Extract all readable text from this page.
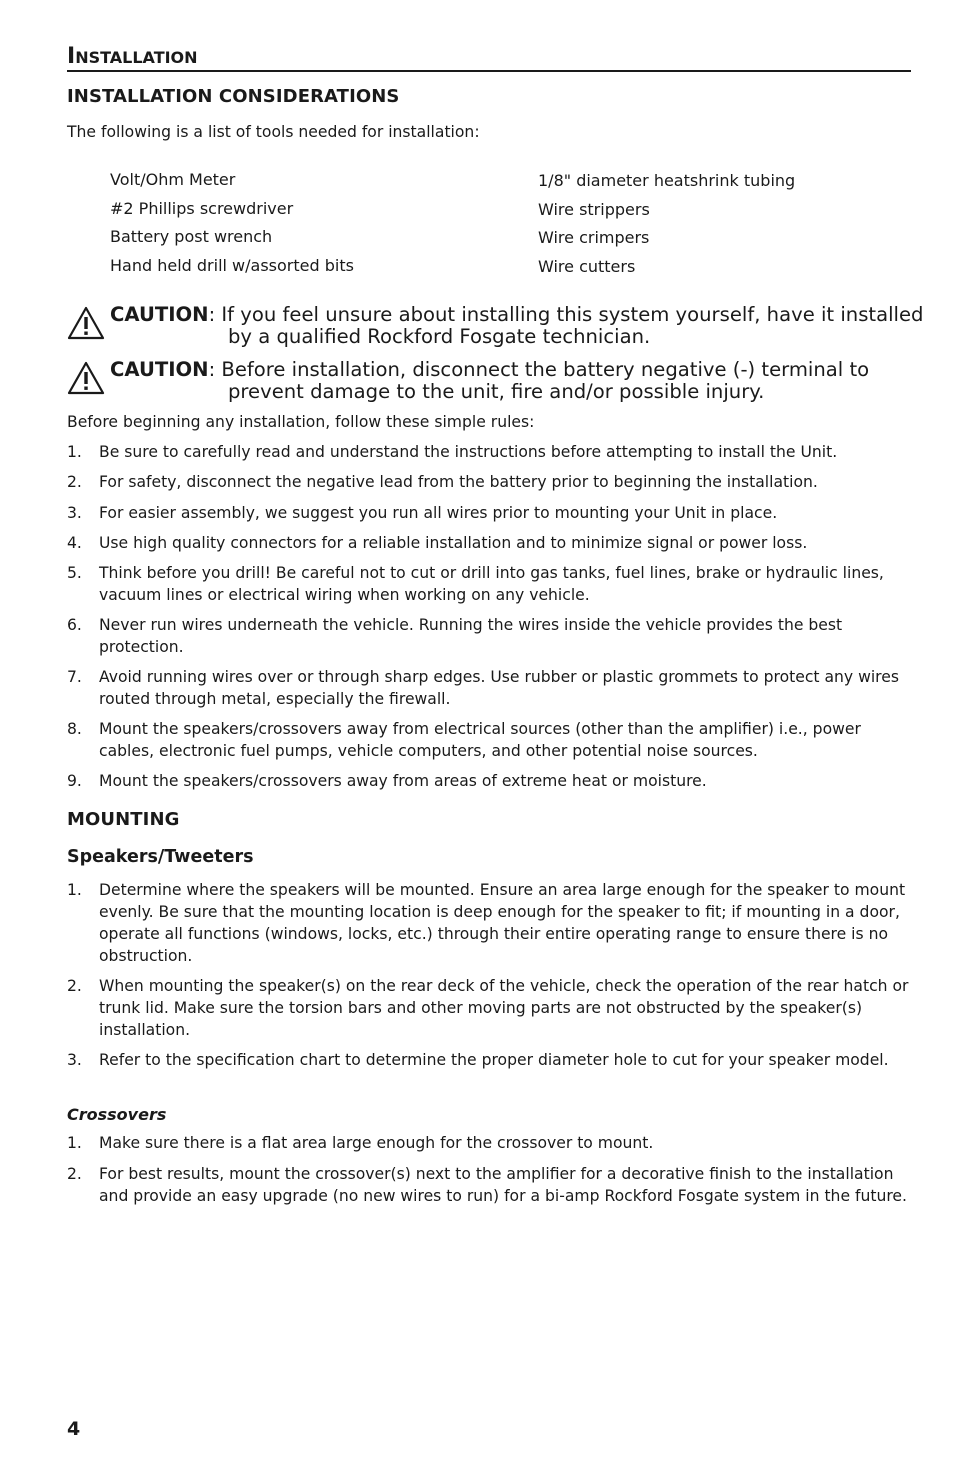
INSTALLATION
INSTALLATION CONSIDERATIONS
The following is a list of tools needed for installation:
Volt/Ohm Meter
#2 Phillips screwdriver
Battery post wrench
Hand held drill w/assorted bits
1/8" diameter heatshrink tubing
Wire strippers
Wire crimpers
Wire cutters
CAUTION: If you feel unsure about installing this system yourself, have it installed
by a qualified Rockford Fosgate technician.
CAUTION: Before installation, disconnect the battery negative (-) terminal to
prevent damage to the unit, fire and/or possible injury.
Before beginning any installation, follow these simple rules:
1.	Be sure to carefully read and understand the instructions before attempting to install the Unit.
2.	For safety, disconnect the negative lead from the battery prior to beginning the installation.
3.	For easier assembly, we suggest you run all wires prior to mounting your Unit in place.
4.	Use high quality connectors for a reliable installation and to minimize signal or power loss.
5.	Think before you drill! Be careful not to cut or drill into gas tanks, fuel lines, brake or hydraulic lines, vacuum lines or electrical wiring when working on any vehicle.
6.	Never run wires underneath the vehicle. Running the wires inside the vehicle provides the best protection.
7.	Avoid running wires over or through sharp edges. Use rubber or plastic grommets to protect any wires routed through metal, especially the firewall.
8.	Mount the speakers/crossovers away from electrical sources (other than the amplifier) i.e., power cables, electronic fuel pumps, vehicle computers, and other potential noise sources.
9.	Mount the speakers/crossovers away from areas of extreme heat or moisture.
MOUNTING
Speakers/Tweeters
1.	Determine where the speakers will be mounted. Ensure an area large enough for the speaker to mount evenly. Be sure that the mounting location is deep enough for the speaker to fit; if mounting in a door, operate all functions (windows, locks, etc.) through their entire operating range to ensure there is no obstruction.
2.	When mounting the speaker(s) on the rear deck of the vehicle, check the operation of the rear hatch or trunk lid. Make sure the torsion bars and other moving parts are not obstructed by the speaker(s) installation.
3.	Refer to the specification chart to determine the proper diameter hole to cut for your speaker model.
Crossovers
1.	Make sure there is a flat area large enough for the crossover to mount.
2.	For best results, mount the crossover(s) next to the amplifier for a decorative finish to the installation and provide an easy upgrade (no new wires to run) for a bi-amp Rockford Fosgate system in the future.
4
